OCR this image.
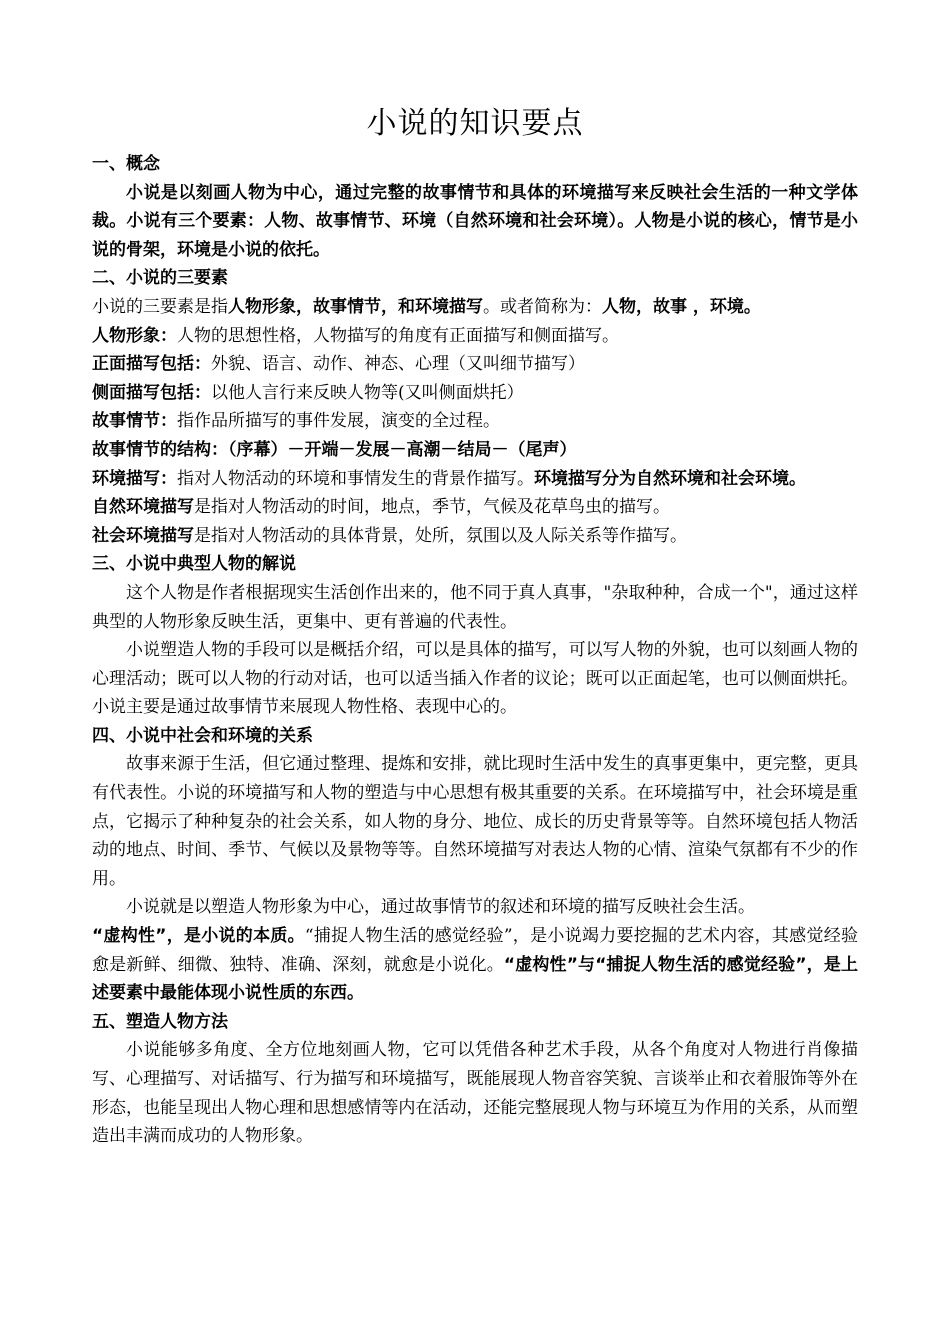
小说的知识要点

一、概念

小说是以刻画人物为中心，通过完整的故事情节和具体的环境描写来反映社会生活的一种文学体裁。小说有三个要素：人物、故事情节、环境（自然环境和社会环境）。人物是小说的核心，情节是小说的骨架，环境是小说的依托。

二、小说的三要素

小说的三要素是指人物形象，故事情节，和环境描写。或者简称为：人物，故事 ，环境。

人物形象：人物的思想性格，人物描写的角度有正面描写和侧面描写。

正面描写包括：外貌、语言、动作、神态、心理（又叫细节描写）

侧面描写包括：以他人言行来反映人物等(又叫侧面烘托）

故事情节：指作品所描写的事件发展，演变的全过程。

故事情节的结构：（序幕）－开端－发展－高潮－结局－（尾声）

环境描写：指对人物活动的环境和事情发生的背景作描写。环境描写分为自然环境和社会环境。

自然环境描写是指对人物活动的时间，地点，季节，气候及花草鸟虫的描写。

社会环境描写是指对人物活动的具体背景，处所，氛围以及人际关系等作描写。

三、小说中典型人物的解说

这个人物是作者根据现实生活创作出来的，他不同于真人真事，"杂取种种，合成一个"，通过这样典型的人物形象反映生活，更集中、更有普遍的代表性。

小说塑造人物的手段可以是概括介绍，可以是具体的描写，可以写人物的外貌，也可以刻画人物的心理活动；既可以人物的行动对话，也可以适当插入作者的议论；既可以正面起笔，也可以侧面烘托。小说主要是通过故事情节来展现人物性格、表现中心的。

四、小说中社会和环境的关系

故事来源于生活，但它通过整理、提炼和安排，就比现时生活中发生的真事更集中，更完整，更具有代表性。小说的环境描写和人物的塑造与中心思想有极其重要的关系。在环境描写中，社会环境是重点，它揭示了种种复杂的社会关系，如人物的身分、地位、成长的历史背景等等。自然环境包括人物活动的地点、时间、季节、气候以及景物等等。自然环境描写对表达人物的心情、渲染气氛都有不少的作用。

小说就是以塑造人物形象为中心，通过故事情节的叙述和环境的描写反映社会生活。

“虚构性”，是小说的本质。“捕捉人物生活的感觉经验”，是小说竭力要挖掘的艺术内容，其感觉经验愈是新鲜、细微、独特、准确、深刻，就愈是小说化。“虚构性”与“捕捉人物生活的感觉经验”，是上述要素中最能体现小说性质的东西。

五、塑造人物方法

小说能够多角度、全方位地刻画人物，它可以凭借各种艺术手段，从各个角度对人物进行肖像描写、心理描写、对话描写、行为描写和环境描写，既能展现人物音容笑貌、言谈举止和衣着服饰等外在形态，也能呈现出人物心理和思想感情等内在活动，还能完整展现人物与环境互为作用的关系，从而塑造出丰满而成功的人物形象。
